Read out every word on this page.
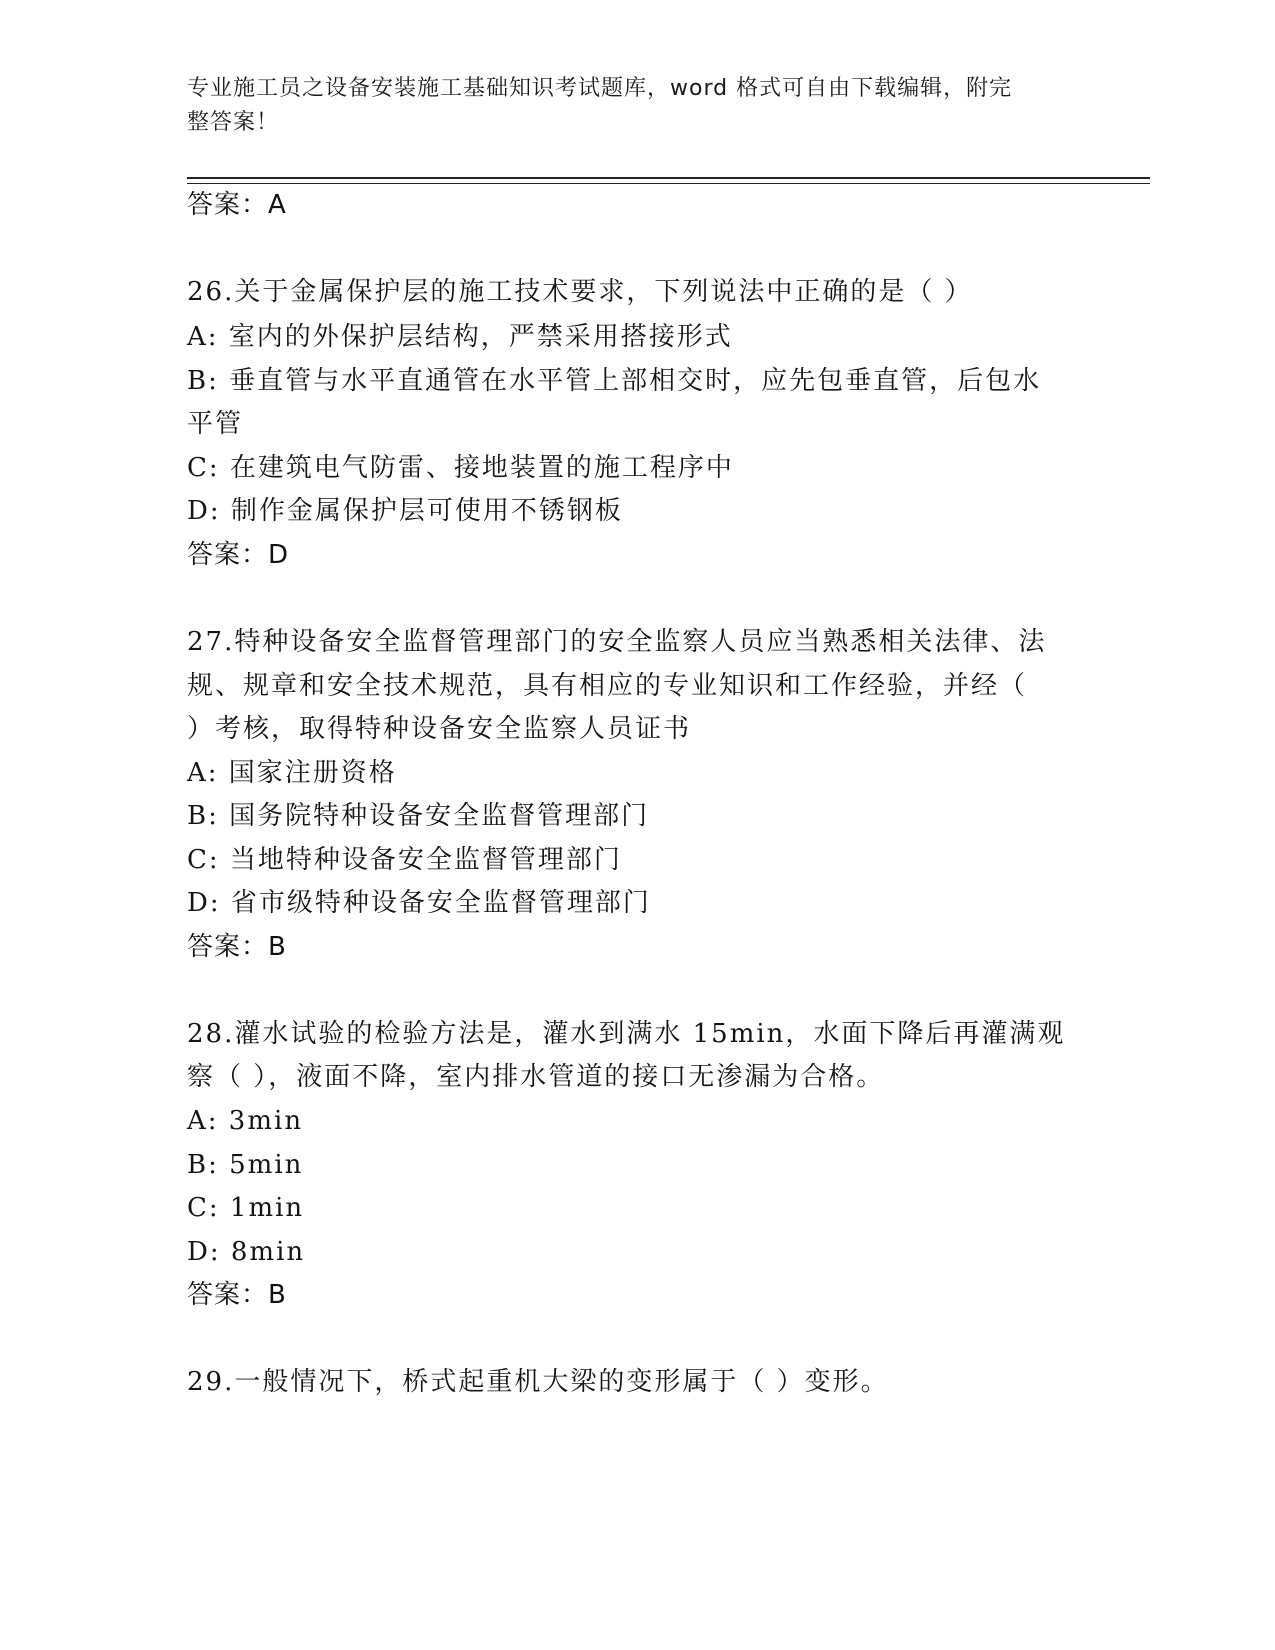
专业施工员之设备安装施工基础知识考试题库，word 格式可自由下载编辑，附完
整答案！
答案：A
26.关于金属保护层的施工技术要求，下列说法中正确的是（ ）
A: 室内的外保护层结构，严禁采用搭接形式
B: 垂直管与水平直通管在水平管上部相交时，应先包垂直管，后包水
平管
C: 在建筑电气防雷、接地装置的施工程序中
D: 制作金属保护层可使用不锈钢板
答案：D
27.特种设备安全监督管理部门的安全监察人员应当熟悉相关法律、法
规、规章和安全技术规范，具有相应的专业知识和工作经验，并经（
）考核，取得特种设备安全监察人员证书
A: 国家注册资格
B: 国务院特种设备安全监督管理部门
C: 当地特种设备安全监督管理部门
D: 省市级特种设备安全监督管理部门
答案：B
28.灌水试验的检验方法是，灌水到满水 15min，水面下降后再灌满观
察（ ），液面不降，室内排水管道的接口无渗漏为合格。
A: 3min
B: 5min
C: 1min
D: 8min
答案：B
29.一般情况下，桥式起重机大梁的变形属于（ ）变形。
